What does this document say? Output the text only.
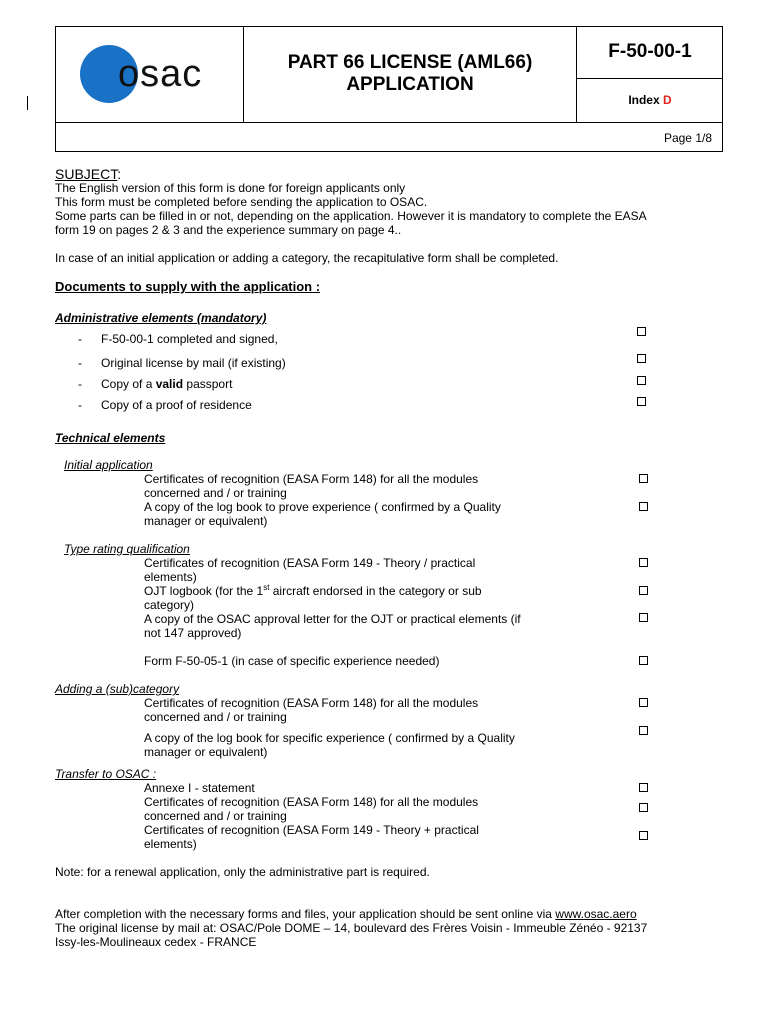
osac	PART 66 LICENSE (AML66)
APPLICATION
F-50-00-1
Index D
Page 1/8
SUBJECT:
The English version of this form is done for foreign applicants only
This form must be completed before sending the application to OSAC.
Some parts can be filled in or not, depending on the application. However it is mandatory to complete the EASA
form 19 on pages 2 & 3 and the experience summary on page 4..
In case of an initial application or adding a category, the recapitulative form shall be completed.
Documents to supply with the application :
Administrative elements (mandatory)
- F-50-00-1 completed and signed,
- Original license by mail (if existing)
- Copy of a valid passport
- Copy of a proof of residence
Technical elements
Initial application
Certificates of recognition (EASA Form 148) for all the modules
concerned and / or training
A copy of the log book to prove experience ( confirmed by a Quality
manager or equivalent)
Type rating qualification
Certificates of recognition (EASA Form 149 - Theory / practical
elements)
OJT logbook (for the 1st aircraft endorsed in the category or sub
category)
A copy of the OSAC approval letter for the OJT or practical elements (if
not 147 approved)
Form F-50-05-1 (in case of specific experience needed)
Adding a (sub)category
Certificates of recognition (EASA Form 148) for all the modules
concerned and / or training
A copy of the log book for specific experience ( confirmed by a Quality
manager or equivalent)
Transfer to OSAC :
Annexe I - statement
Certificates of recognition (EASA Form 148) for all the modules
concerned and / or training
Certificates of recognition (EASA Form 149 - Theory + practical
elements)
Note: for a renewal application, only the administrative part is required.
After completion with the necessary forms and files, your application should be sent online via www.osac.aero
The original license by mail at: OSAC/Pole DOME – 14, boulevard des Frères Voisin - Immeuble Zénéo - 92137
Issy-les-Moulineaux cedex - FRANCE
